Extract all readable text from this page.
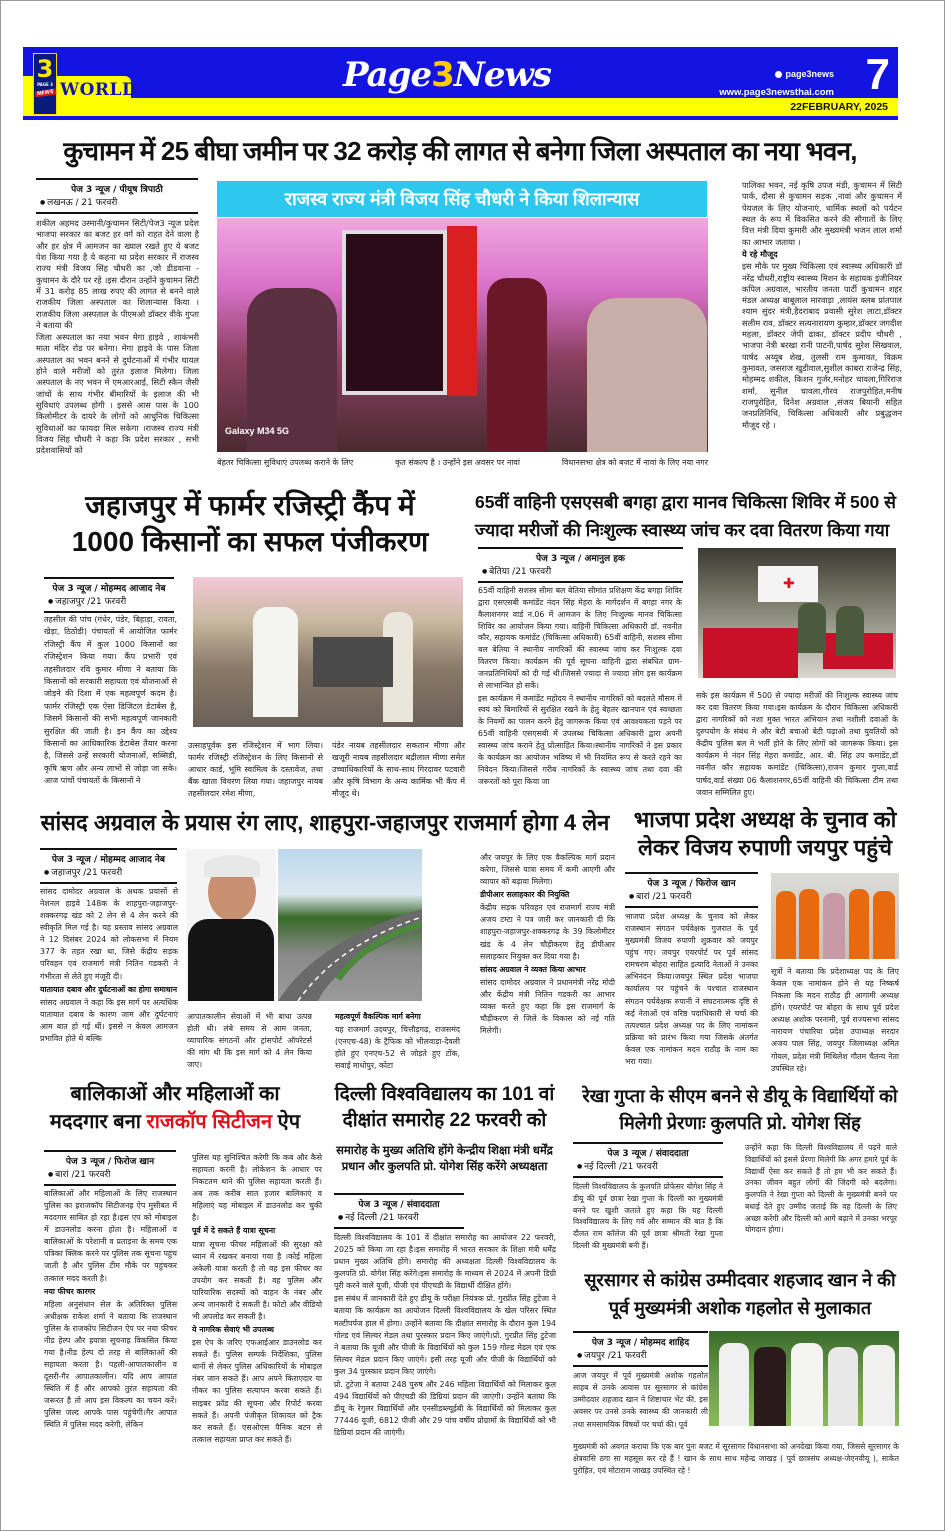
3
PAGE 3
NEWS WORLD	Page3News	page3news
www.page3newsthai.com 7
22FEBRUARY, 2025
कुचामन में 25 बीघा जमीन पर 32 करोड़ की लागत से बनेगा जिला अस्पताल का नया भवन,
पेज 3 न्यूज / पीयूष त्रिपाठी
● लखनऊ / 21 फरवरी

शकील अहमद उस्मानी/कुचामन सिटी/पेज3 न्यूज प्रदेश भाजपा सरकार का बजट हर वर्ग को राहत देने वाला है और हर क्षेत्र में आमजन का ख्याल रखते हुए ये बजट पेश किया गया है ये कहना था प्रदेश सरकार में राजस्व राज्य मंत्री विजय सिंह चौधरी का ,जो डीडवाना - कुचामन के दौरे पर रहे ।इस दौरान उन्होंने कुचामन सिटी में 31 करोड़ 85 लाख रुपए की लागत से बनने वाले राजकीय जिला अस्पताल का शिलान्यास किया । राजकीय जिला अस्पताल के पीएमओ डॉक्टर वीके गुप्ता ने बताया की

जिला अस्पताल का नया भवन मेगा हाइवे , शाकंभरी माता मंदिर रोड पर बनेगा। मेगा हाइवे के पास जिला अस्पताल का भवन बनने से दुर्घटनाओं में गंभीर घायल होने वाले मरीजों को तुरंत इलाज मिलेगा। जिला अस्पताल के नए भवन में एमआरआई, सिटी स्कैन जैसी जांचों के साथ गंभीर बीमारियों के इलाज की भी सुविधाएं उपलब्ध होगी । इससे आस पास के 100 किलोमीटर के दायरे के लोगों को आधुनिक चिकित्सा सुविधाओं का फायदा मिल सकेगा ।राजस्व राज्य मंत्री विजय सिंह चौधरी ने कहा कि प्रदेश सरकार , सभी प्रदेशवासियों को

राजस्व राज्य मंत्री विजय सिंह चौधरी ने किया शिलान्यास
Galaxy M34 5G
बेहतर चिकित्सा सुविधाएं उपलब्ध कराने के लिए	कृत संकल्प है । उन्होंने इस अवसर पर नावां	विधानसभा क्षेत्र को बजट में नावां के लिए नया नगर

पालिका भवन, नई कृषि उपज मंडी, कुचामन में सिटी पार्क, दौसा से कुचामन सड़क ,नावां और कुचामन में पेयजल के लिए योजनाएं, धार्मिक स्थलों को पर्यटन स्थल के रूप में विकसित करने की सौगातों के लिए वित्त मंत्री दिया कुमारी और मुख्यमंत्री भजन लाल शर्मा का आभार जताया ।

ये रहे मौजूद

इस मौके पर मुख्य चिकित्सा एवं स्वास्थ्य अधिकारी डॉ नरेंद्र चौधरी,राष्ट्रीय स्वास्थ्य मिशन के सहायक इंजीनियर कपिल अग्रवाल, भारतीय जनता पार्टी कुचामन शहर मंडल अध्यक्ष बाबूलाल मारवाड़ा ,लायंस क्लब प्रांतपाल श्याम सुंदर मंत्री,हैदराबाद प्रवासी सुरेश लाटा,डॉक्टर सलीम राव, डॉक्टर सत्यनारायण कुम्हार,डॉक्टर जगदीश महला, डॉक्टर जेपी ढाका, डॉक्टर प्रदीप चौधरी , भाजपा नेत्री बरखा रानी पाटनी,पार्षद सुरेश सिखवाल, पार्षद अय्यूब शेख, तुलसी राम कुमावत, विक्रम कुमावत, जसराज खुडीवाल,सुशील काबरा राजेन्द्र सिंह, मोहम्मद शकील, किशन गुर्जर,मनोहर चावला,गिरिराज शर्मा, सुनील चावला,गौरव राजपुरोहित,मनीष राजपुरोहित, दिनेश अग्रवाल ,संजय बियानी सहित जनप्रतिनिधि, चिकित्सा अधिकारी और प्रबुद्धजन मौजूद रहे ।

जहाजपुर में फार्मर रजिस्ट्री कैंप में
1000 किसानों का सफल पंजीकरण
पेज 3 न्यूज / मोहम्मद आजाद नेब
● जहाजपुर /21 फरवरी

तहसील की पांच (गंधेर, पंडेर, बिहाड़ा, रावता, खेड़ा, ठिठोडी) पंचायतों में आयोजित फार्मर रजिस्ट्री कैंप में कुल 1000 किसानों का रजिस्ट्रेशन किया गया। कैंप प्रभारी एवं तहसीलदार रवि कुमार मीणा ने बताया कि किसानों को सरकारी सहायता एवं योजनाओं से जोड़ने की दिशा में एक महत्वपूर्ण कदम है। फार्मर रजिस्ट्री एक ऐसा डिजिटल डेटाबेस है, जिसमें किसानों की सभी महत्वपूर्ण जानकारी सुरक्षित की जाती है। इन कैंप का उद्देश्य किसानों का आधिकारिक डेटाबेस तैयार करना है, जिससे उन्हें सरकारी योजनाओं, सब्सिडी, कृषि ऋण और अन्य लाभों से जोड़ा जा सके। आज पांचों पंचायतों के किसानों ने

उत्साहपूर्वक इस रजिस्ट्रेशन में भाग लिया। फार्मर रजिस्ट्री रजिस्ट्रेशन के लिए किसानों से आधार कार्ड, भूमि स्वामित्व के दस्तावेज, तथा बैंक खाता विवरण लिया गया। जहाजपुर नायब तहसीलदार रमेश मीणा,

पंडेर नायब तहसीलदार सकतान मीणा और खजूरी नायब तहसीलदार बद्रीलाल मीणा समेत उच्चाधिकारियों के साथ-साथ गिरदावर पटवारी और कृषि विभाग के अन्य कार्मिक भी कैंप में मौजूद थे।

65वीं वाहिनी एसएसबी बगहा द्वारा मानव चिकित्सा शिविर में 500 से ज्यादा मरीजों की निःशुल्क स्वास्थ्य जांच कर दवा वितरण किया गया
पेज 3 न्यूज / अमानुल हक
● बेतिया /21 फरवरी

65वीं वाहिनी सशस्त्र सीमा बल बेतिया सीमांत प्रशिक्षण केंद्र बगहा शिविर द्वारा एसएसबी कमांडेंट नंदन सिंह मेहरा के मार्गदर्शन में बगहा नगर के कैलाशनगर वार्ड न.06 में आमजन के लिए निःशुल्क मानव चिकित्सा शिविर का आयोजन किया गया। वाहिनी चिकित्सा अधिकारी डॉ. नवनीत कौर, सहायक कमांडेंट (चिकित्सा अधिकारी) 65वीं वाहिनी, सशस्त्र सीमा बल बेतिया ने स्थानीय नागरिकों की स्वास्थ्य जांच कर निःशुल्क दवा वितरण किया। कार्यक्रम की पूर्व सूचना वाहिनी द्वारा संबंधित ग्राम-जनप्रतिनिधियों को दी गई थी।जिससे ज्यादा से ज्यादा लोग इस कार्यक्रम से लाभान्वित हो सकें।

इस कार्यक्रम में कमांडेंट महोदय ने स्थानीय नागरिकों को बदलते मौसम में स्वयं को बिमारियों से सुरक्षित रखने के हेतु बेहतर खानपान एवं स्वच्छता के नियमों का पालन करने हेतु जागरूक किया एवं आवश्यकता पड़ने पर 65वीं वाहिनी एसएसबी में उपलब्ध चिकित्सा अधिकारी द्वारा अपनी स्वास्थ्य जांच कराने हेतु प्रोत्साहित किया।स्थानीय नागरिकों ने इस प्रकार के कार्यक्रम का आयोजन भविष्य में भी नियमित रूप से करते रहने का निवेदन किया।जिससे गरीब नागरिकों के स्वास्थ्य जांच तथा दवा की जरूरतों को पूरा किया जा

✚

सके इस कार्यक्रम में 500 से ज्यादा मरीजों की निःशुल्क स्वास्थ्य जांच कर दवा वितरण किया गया।इस कार्यक्रम के दौरान चिकित्सा अधिकारी द्वारा नागरिकों को नशा मुक्त भारत अभियान तथा नशीली दवाओं के दुरुपयोग के संबंध मे और बेटी बचाओ बेटी पढ़ाओ तथा युवतियों को केंद्रीय पुलिस बल मे भर्ती होने के लिए लोगों को जागरूक किया। इस कार्यक्रम मे नंदन सिंह मेहरा कमांडेंट, आर. बी. सिंह उप कमांडेंट,डॉ नवनीत कौर सहायक कमांडेंट (चिकित्सा),राजन कुमार गुप्ता,वार्ड पार्षद,वार्ड संख्या 06 कैलाशनगर,65वीं वाहिनी की चिकित्सा टीम तथा जवान सम्मिलित हुए।

सांसद अग्रवाल के प्रयास रंग लाए, शाहपुरा-जहाजपुर राजमार्ग होगा 4 लेन
पेज 3 न्यूज / मोहम्मद आजाद नेब
● जहाजपुर /21 फरवरी

सांसद दामोदर अग्रवाल के अथक प्रयासों से नेशनल हाइवे 148क के शाहपुरा-जहाजपुर-शक्करगढ़ खंड को 2 लेन से 4 लेन करने की स्वीकृति मिल गई है। यह प्रस्ताव सांसद अग्रवाल ने 12 दिसंबर 2024 को लोकसभा में नियम 377 के तहत रखा था, जिसे केंद्रीय सड़क परिवहन एवं राजमार्ग मंत्री नितिन गडकरी ने गंभीरता से लेते हुए मंजूरी दी।

यातायात दबाव और दुर्घटनाओं का होगा समाधान

सांसद अग्रवाल ने कहा कि इस मार्ग पर अत्यधिक यातायात दबाव के कारण जाम और दुर्घटनाएं आम बात हो गई थीं। इससे न केवल आमजन प्रभावित होते थे बल्कि

आपातकालीन सेवाओं में भी बाधा उत्पन्न होती थी। लंबे समय से आम जनता, व्यापारिक संगठनों और ट्रांसपोर्ट ऑपरेटर्स की मांग थी कि इस मार्ग को 4 लेन किया जाए।

महत्वपूर्ण वैकल्पिक मार्ग बनेगा

यह राजमार्ग उदयपुर, चित्तौड़गढ़, राजसमंद (एनएच-48) के ट्रैफिक को भीलवाड़ा-देवली होते हुए एनएच-52 से जोड़ते हुए टोंक, सवाई माधोपुर, कोटा

और जयपुर के लिए एक वैकल्पिक मार्ग प्रदान करेगा, जिससे यात्रा समय में कमी आएगी और व्यापार को बढ़ावा मिलेगा।

डीपीआर सलाहकार की नियुक्ति

केंद्रीय सड़क परिवहन एवं राजमार्ग राज्य मंत्री अजय टम्टा ने पत्र जारी कर जानकारी दी कि शाहपुरा-जहाजपुर-शक्करगढ़ के 39 किलोमीटर खंड के 4 लेन चौड़ीकरण हेतु डीपीआर सलाहकार नियुक्त कर दिया गया है।

सांसद अग्रवाल ने व्यक्त किया आभार

सांसद दामोदर अग्रवाल ने प्रधानमंत्री नरेंद्र मोदी और केंद्रीय मंत्री नितिन गडकरी का आभार व्यक्त करते हुए कहा कि इस राजमार्ग के चौड़ीकरण से जिले के विकास को नई गति मिलेगी।

भाजपा प्रदेश अध्यक्ष के चुनाव को
लेकर विजय रुपाणी जयपुर पहुंचे
पेज 3 न्यूज / फिरोज खान
● बारां /21 फरवरी

भाजपा प्रदेश अध्यक्ष के चुनाव को लेकर राजस्थान संगठन पर्यवेक्षक गुजरात के पूर्व मुख्यमंत्री विजय रुपाणी शुक्रवार को जयपुर पहुंच गए। जयपुर एयरपोर्ट पर पूर्व सांसद रामचरण बोहरा साहित इत्यादि नेताओं ने उनका अभिनंदन किया।जयपुर स्थित प्रदेश भाजपा कार्यालय पर पहुंचने के पश्चात राजस्थान संगठन पर्यवेक्षक रुपानी ने संघटनात्मक दृष्टि से कई नेताओं एवं वरिष्ठ पदाधिकारी से चर्चा की तत्पश्चात प्रदेश अध्यक्ष पद के लिए नामांकन प्रक्रिया को प्रारंभ किया गया जिसके अंतर्गत केवल एक नामांकन मदन राठौड़ के नाम का भरा गया।

सूत्रों ने बताया कि प्रदेशाध्यक्ष पद के लिए केवल एक नामांकन होने से यह निष्कर्ष निकला कि मदन राठौड़ ही आगामी अध्यक्ष होंगे। एयरपोर्ट पर बोहरा के साथ पूर्व प्रदेश अध्यक्ष अशोक परनामी, पूर्व राज्यसभा सांसद नारायण पंचारिया प्रदेश उपाध्यक्ष सरदार अजय पाल सिंह, जयपुर जिलाध्यक्ष अमित गोयल, प्रदेश मंत्री मिथिलेश गौतम चैतन्य नेता उपस्थित रहे।

बालिकाओं और महिलाओं का
मददगार बना राजकॉप सिटीजन ऐप
पेज 3 न्यूज / फिरोज खान
● बारां /21 फरवरी

बालिकाओं और महिलाओं के लिए राजस्थान पुलिस का ह्रराजकॉप सिटीजनह्र ऐप मुसीबत में मददगार साबित हो रहा है।इस एप को मोबाइल में डाउनलोड करना होता है। महिलाओं व बालिकाओं के परेशानी व प्रताड़ना के समय एक पत्रिका क्लिक करने पर पुलिस तक सूचना पहुंच जाती है और पुलिस टीम मौके पर पहुंचकर तत्काल मदद करती है।

नया फीचर कारगर

महिला अनुसंधान सेल के अतिरिक्त पुलिस अधीक्षक राकेश शर्मा ने बताया कि राजस्थान पुलिस के राजकोप सिटीजन ऐप पर नया फीचर नीड हेल्प और ह्रयात्रा सूचनाह्र विकसित किया गया है।नीड हेल्प दो तरह से बालिकाओं की सहायता करता है। पहली-आपातकालीन व दूसरी-गैर आपातकालीन। यदि आप आपात स्थिति में हैं और आपको तुरंत सहायता की जरूरत है तो आप इस विकल्प का चयन करें।पुलिस जल्द आपके पास पहुंचेगी।गैर आपात स्थिति में पुलिस मदद करेगी, लेकिन

पुलिस यह सुनिश्चित करेगी कि कब और कैसे सहायता करनी है। लोकेशन के आधार पर निकटतम थाने की पुलिस सहायता करती हैं। अब तक करीब सात हजार बालिकाएं व महिलाएं यह मोबाइल में डाउनलोड कर चुकी है।

पूर्व में दे सकते हैं यात्रा सूचना

यात्रा सूचना फीचर महिलाओं की सुरक्षा को ध्यान में रखकर बनाया गया है ।कोई महिला अकेली यात्रा करती है तो वह इस फीचर का उपयोग कर सकती है। वह पुलिस और पारियारिक सदस्यों को वाहन के नंबर और अन्य जानकारी दे सकती है। फोटो और वीडियो भी अपलोड कर सकती है।

ये नागरिक सेवाएं भी उपलब्ध

इस ऐप के जरिए एफआईआर डाउनलोड कर सकते हैं। पुलिस सम्पर्क निर्देशिका, पुलिस थानों से लेकर पुलिस अधिकारियों के मोबाइल नंबर जान सकते हैं। आप अपने किराएदार या नौकर का पुलिस सत्यापन करवा सकते हैं। साइबर फ्रॉड की सूचना और रिपोर्ट करवा सकते हैं। अपनी पंजीकृत शिकायत को ट्रैक कर सकते हैं। एसओएस पैनिक बटन से तत्काल सहायता प्राप्त कर सकते हैं।

दिल्ली विश्वविद्यालय का 101 वां दीक्षांत समारोह 22 फरवरी को
समारोह के मुख्य अतिथि होंगे केन्द्रीय शिक्षा मंत्री धर्मेंद्र प्रधान और कुलपति प्रो. योगेश सिंह करेंगे अध्यक्षता
पेज 3 न्यूज / संवाददाता
● नई दिल्ली /21 फरवरी

दिल्ली विश्वविद्यालय के 101 वें दीक्षांत समारोह का आयोजन 22 फरवरी, 2025 को किया जा रहा है।इस समारोह में भारत सरकार के शिक्षा मंत्री धर्मेंद्र प्रधान मुख्य अतिथि होंगे। समारोह की अध्यक्षता दिल्ली विश्वविद्यालय के कुलपति प्रो. योगेश सिंह करेंगे।इस समारोह के माध्यम से 2024 में अपनी डिग्री पूरी करने वाले यूजी, पीजी एवं पीएचडी के विद्यार्थी दीक्षित होंगे।

इस संबंध में जानकारी देते हुए डीयू के परीक्षा नियंत्रक प्रो. गुरप्रीत सिंह टुटेजा ने बताया कि कार्यक्रम का आयोजन दिल्ली विश्वविद्यालय के खेल परिसर स्थित मल्टीपर्पज हाल में होगा। उन्होंने बताया कि दीक्षांत समारोह के दौरान कुल 194 गोल्ड एवं सिल्वर मेडल तथा पुरस्कार प्रदान किए जाएंगे।प्रो. गुरप्रीत सिंह टुटेजा ने बताया कि यूजी और पीजी के विद्यार्थियों को कुल 159 गोल्ड मेडल एवं एक सिल्वर मेडल प्रदान किए जाएंगे। इसी तरह यूजी और पीजी के विद्यार्थियों को कुल 34 पुरस्कार प्रदान किए जाएंगे।

प्रो. टुटेजा ने बताया 248 पुरुष और 246 महिला विद्यार्थियों को मिलाकर कुल 494 विद्यार्थियों को पीएचडी की डिग्रियां प्रदान की जाएंगी। उन्होंने बताया कि डीयू के रेगुलर विद्यार्थियों और एनसीडब्ल्यूईबी के विद्यार्थियों को मिलाकर कुल 77446 यूजी, 6812 पीजी और 29 पांच वर्षीय प्रोग्रामों के विद्यार्थियों को भी डिग्रियां प्रदान की जाएंगी।

रेखा गुप्ता के सीएम बनने से डीयू के विद्यार्थियों को मिलेगी प्रेरणाः कुलपति प्रो. योगेश सिंह
पेज 3 न्यूज / संवाददाता
● नई दिल्ली /21 फरवरी

दिल्ली विश्वविद्यालय के कुलपति प्रोफेसर योगेश सिंह ने डीयू की पूर्व छात्रा रेखा गुप्ता के दिल्ली का मुख्यमंत्री बनने पर खुशी जताते हुए कहा कि यह दिल्ली विश्वविद्यालय के लिए गर्व और सम्मान की बात है कि दौलत राम कॉलेज की पूर्व छात्रा श्रीमती रेखा गुप्ता दिल्ली की मुख्यमंत्री बनी हैं।

उन्होंने कहा कि दिल्ली विश्वविद्यालय में पढ़ने वाले विद्यार्थियों को इससे प्रेरणा मिलेगी कि अगर हमारे पूर्व के विद्यार्थी ऐसा कर सकते हैं तो हम भी कर सकते हैं। उनका जीवन बहुत लोगों की जिंदगी को बदलेगा। कुलपति ने रेखा गुप्ता को दिल्ली के मुख्यमंत्री बनने पर बधाई देते हुए उम्मीद जताई कि वह दिल्ली के लिए अच्छा करेंगी और दिल्ली को आगे बढ़ाने में उनका भरपूर योगदान होगा।

सूरसागर से कांग्रेस उम्मीदवार शहजाद खान ने की पूर्व मुख्यमंत्री अशोक गहलोत से मुलाकात
पेज 3 न्यूज / मोहम्मद शाहिद
● जयपुर /21 फरवरी

आज जयपुर में पूर्व मुख्यमंत्री अशोक गहलोत साहब से उनके आवास पर सूरसागर से कांग्रेस उम्मीदवार शहजाद खान ने शिष्टाचार भेंट की. इस अवसर पर उनसे उनके स्वास्थ्य की जानकारी ली तथा समसामयिक विषयों पर चर्चा की। पूर्व

मुख्यमंत्री को अवगत कराया कि एक बार पुनः बजट में सूरसागर विधानसभा को अनदेखा किया गया, जिससे सूरसागर के क्षेत्रवासि ठगा सा महसूस कर रहे हैं ! खान के साथ साथ महेन्द्र जाखड़ ( पूर्व छात्रसंघ अध्यक्ष-जेएनवीयू ), साकेत पुरोहित, एवं मोटाराम जाखड़ उपस्थित रहे !
